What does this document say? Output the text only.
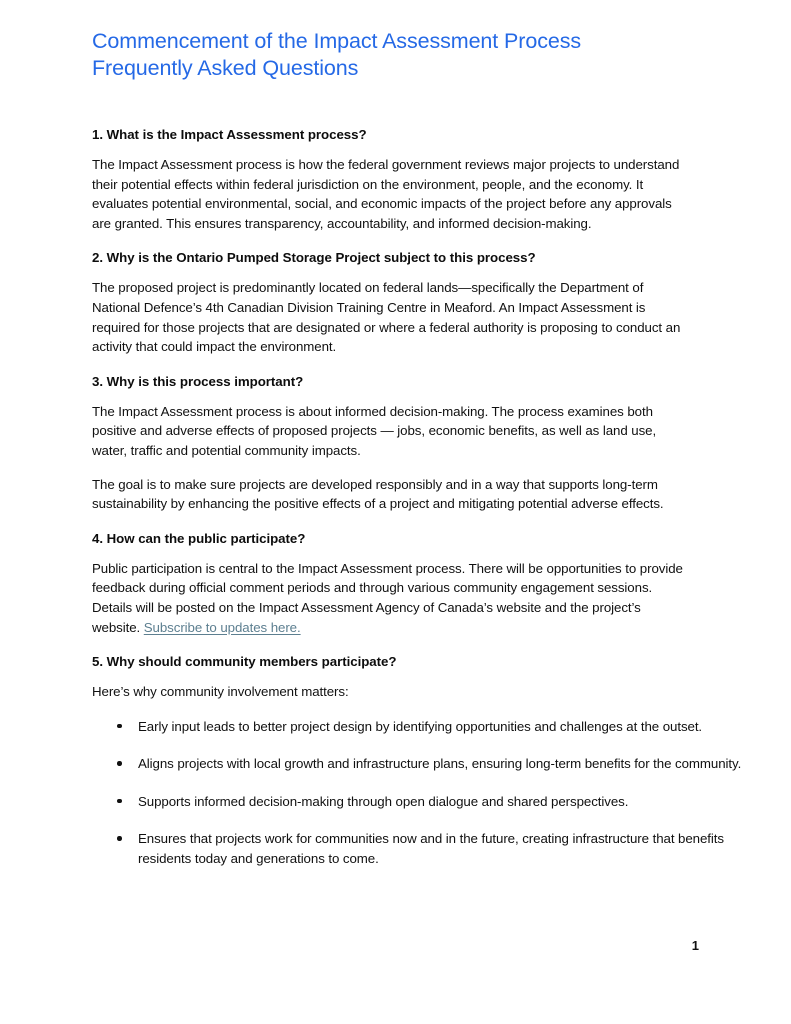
Commencement of the Impact Assessment Process
Frequently Asked Questions
1. What is the Impact Assessment process?

The Impact Assessment process is how the federal government reviews major projects to understand their potential effects within federal jurisdiction on the environment, people, and the economy. It evaluates potential environmental, social, and economic impacts of the project before any approvals are granted. This ensures transparency, accountability, and informed decision-making.

2. Why is the Ontario Pumped Storage Project subject to this process?

The proposed project is predominantly located on federal lands—specifically the Department of National Defence’s 4th Canadian Division Training Centre in Meaford. An Impact Assessment is required for those projects that are designated or where a federal authority is proposing to conduct an activity that could impact the environment.

3. Why is this process important?

The Impact Assessment process is about informed decision-making. The process examines both positive and adverse effects of proposed projects — jobs, economic benefits, as well as land use, water, traffic and potential community impacts.

The goal is to make sure projects are developed responsibly and in a way that supports long-term sustainability by enhancing the positive effects of a project and mitigating potential adverse effects.

4. How can the public participate?

Public participation is central to the Impact Assessment process. There will be opportunities to provide feedback during official comment periods and through various community engagement sessions. Details will be posted on the Impact Assessment Agency of Canada’s website and the project’s website. Subscribe to updates here.

5. Why should community members participate?

Here’s why community involvement matters:

Early input leads to better project design by identifying opportunities and challenges at the outset.
Aligns projects with local growth and infrastructure plans, ensuring long-term benefits for the community.
Supports informed decision-making through open dialogue and shared perspectives.
Ensures that projects work for communities now and in the future, creating infrastructure that benefits residents today and generations to come.
1
